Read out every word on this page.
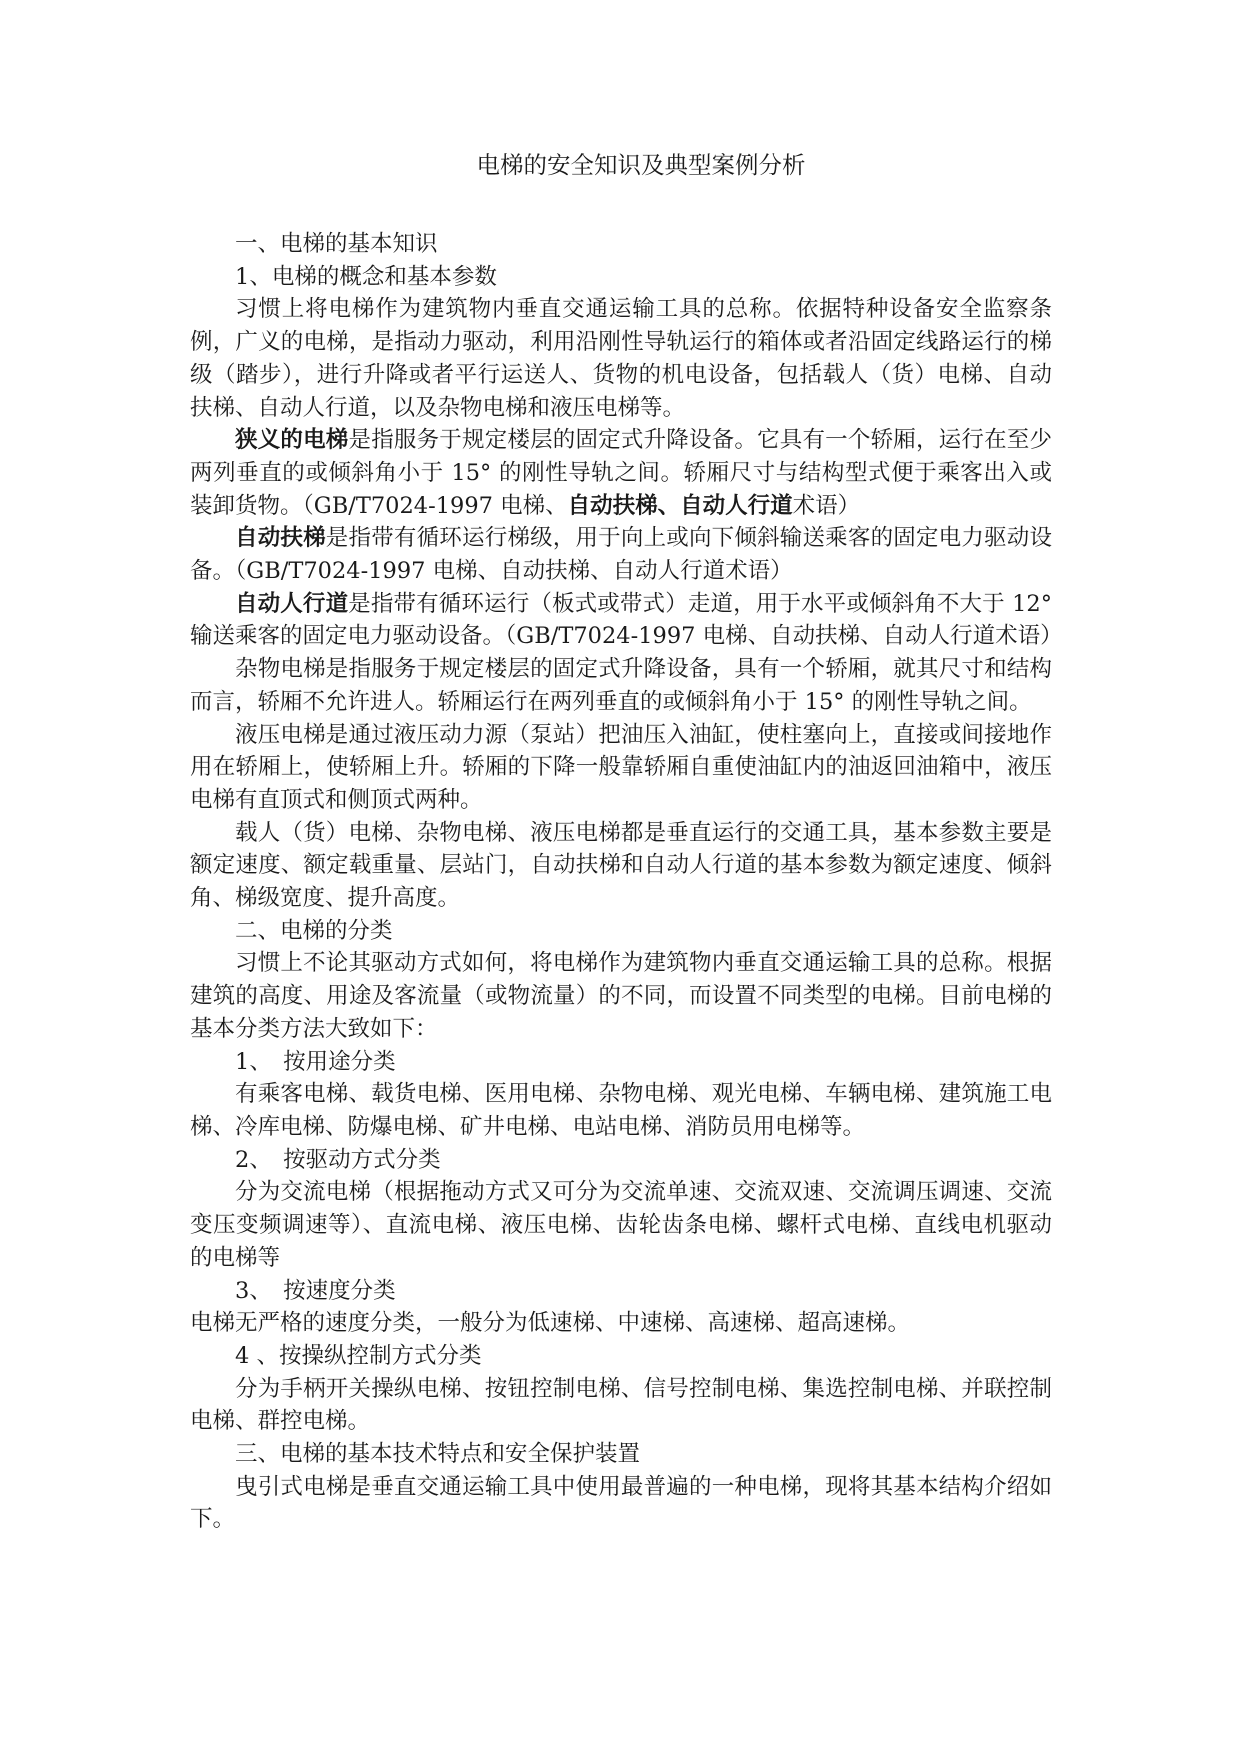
电梯的安全知识及典型案例分析

一、电梯的基本知识

1、电梯的概念和基本参数

习惯上将电梯作为建筑物内垂直交通运输工具的总称。依据特种设备安全监察条例，广义的电梯，是指动力驱动，利用沿刚性导轨运行的箱体或者沿固定线路运行的梯级（踏步），进行升降或者平行运送人、货物的机电设备，包括载人（货）电梯、自动扶梯、自动人行道，以及杂物电梯和液压电梯等。

狭义的电梯是指服务于规定楼层的固定式升降设备。它具有一个轿厢，运行在至少两列垂直的或倾斜角小于 15° 的刚性导轨之间。轿厢尺寸与结构型式便于乘客出入或装卸货物。（GB/T7024-1997 电梯、自动扶梯、自动人行道术语）

自动扶梯是指带有循环运行梯级，用于向上或向下倾斜输送乘客的固定电力驱动设备。（GB/T7024-1997 电梯、自动扶梯、自动人行道术语）

自动人行道是指带有循环运行（板式或带式）走道，用于水平或倾斜角不大于 12° 输送乘客的固定电力驱动设备。（GB/T7024-1997 电梯、自动扶梯、自动人行道术语）

杂物电梯是指服务于规定楼层的固定式升降设备，具有一个轿厢，就其尺寸和结构而言，轿厢不允许进人。轿厢运行在两列垂直的或倾斜角小于 15° 的刚性导轨之间。

液压电梯是通过液压动力源（泵站）把油压入油缸，使柱塞向上，直接或间接地作用在轿厢上，使轿厢上升。轿厢的下降一般靠轿厢自重使油缸内的油返回油箱中，液压电梯有直顶式和侧顶式两种。

载人（货）电梯、杂物电梯、液压电梯都是垂直运行的交通工具，基本参数主要是额定速度、额定载重量、层站门，自动扶梯和自动人行道的基本参数为额定速度、倾斜角、梯级宽度、提升高度。

二、电梯的分类

习惯上不论其驱动方式如何，将电梯作为建筑物内垂直交通运输工具的总称。根据建筑的高度、用途及客流量（或物流量）的不同，而设置不同类型的电梯。目前电梯的基本分类方法大致如下：

1、　按用途分类

有乘客电梯、载货电梯、医用电梯、杂物电梯、观光电梯、车辆电梯、建筑施工电梯、冷库电梯、防爆电梯、矿井电梯、电站电梯、消防员用电梯等。

2、　按驱动方式分类

分为交流电梯（根据拖动方式又可分为交流单速、交流双速、交流调压调速、交流变压变频调速等）、直流电梯、液压电梯、齿轮齿条电梯、螺杆式电梯、直线电机驱动的电梯等

3、　按速度分类

电梯无严格的速度分类，一般分为低速梯、中速梯、高速梯、超高速梯。

4 、按操纵控制方式分类

分为手柄开关操纵电梯、按钮控制电梯、信号控制电梯、集选控制电梯、并联控制电梯、群控电梯。

三、电梯的基本技术特点和安全保护装置

曳引式电梯是垂直交通运输工具中使用最普遍的一种电梯，现将其基本结构介绍如下。
